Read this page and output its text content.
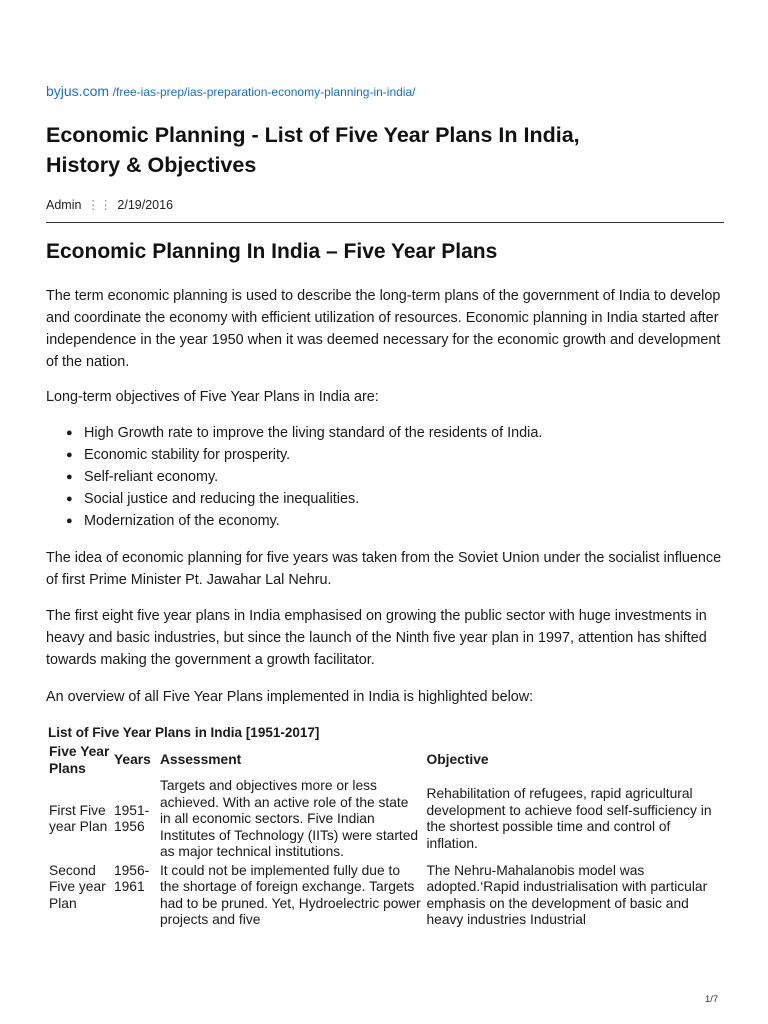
byjus.com /free-ias-prep/ias-preparation-economy-planning-in-india/
Economic Planning - List of Five Year Plans In India,
History & Objectives
Admin ⋮⋮ 2/19/2016
Economic Planning In India – Five Year Plans

The term economic planning is used to describe the long-term plans of the government of India to develop and coordinate the economy with efficient utilization of resources. Economic planning in India started after independence in the year 1950 when it was deemed necessary for the economic growth and development of the nation.

Long-term objectives of Five Year Plans in India are:

● High Growth rate to improve the living standard of the residents of India.
● Economic stability for prosperity.
● Self-reliant economy.
● Social justice and reducing the inequalities.
● Modernization of the economy.

The idea of economic planning for five years was taken from the Soviet Union under the socialist influence of first Prime Minister Pt. Jawahar Lal Nehru.

The first eight five year plans in India emphasised on growing the public sector with huge investments in heavy and basic industries, but since the launch of the Ninth five year plan in 1997, attention has shifted towards making the government a growth facilitator.

An overview of all Five Year Plans implemented in India is highlighted below:

List of Five Year Plans in India [1951-2017]
Five Year Plans	Years	Assessment	Objective
First Five year Plan	1951-1956	Targets and objectives more or less achieved. With an active role of the state in all economic sectors. Five Indian Institutes of Technology (IITs) were started as major technical institutions.	Rehabilitation of refugees, rapid agricultural development to achieve food self-sufficiency in the shortest possible time and control of inflation.
Second Five year Plan	1956-1961	It could not be implemented fully due to the shortage of foreign exchange. Targets had to be pruned. Yet, Hydroelectric power projects and five	The Nehru-Mahalanobis model was adopted.‘Rapid industrialisation with particular emphasis on the development of basic and heavy industries Industrial
1/7
